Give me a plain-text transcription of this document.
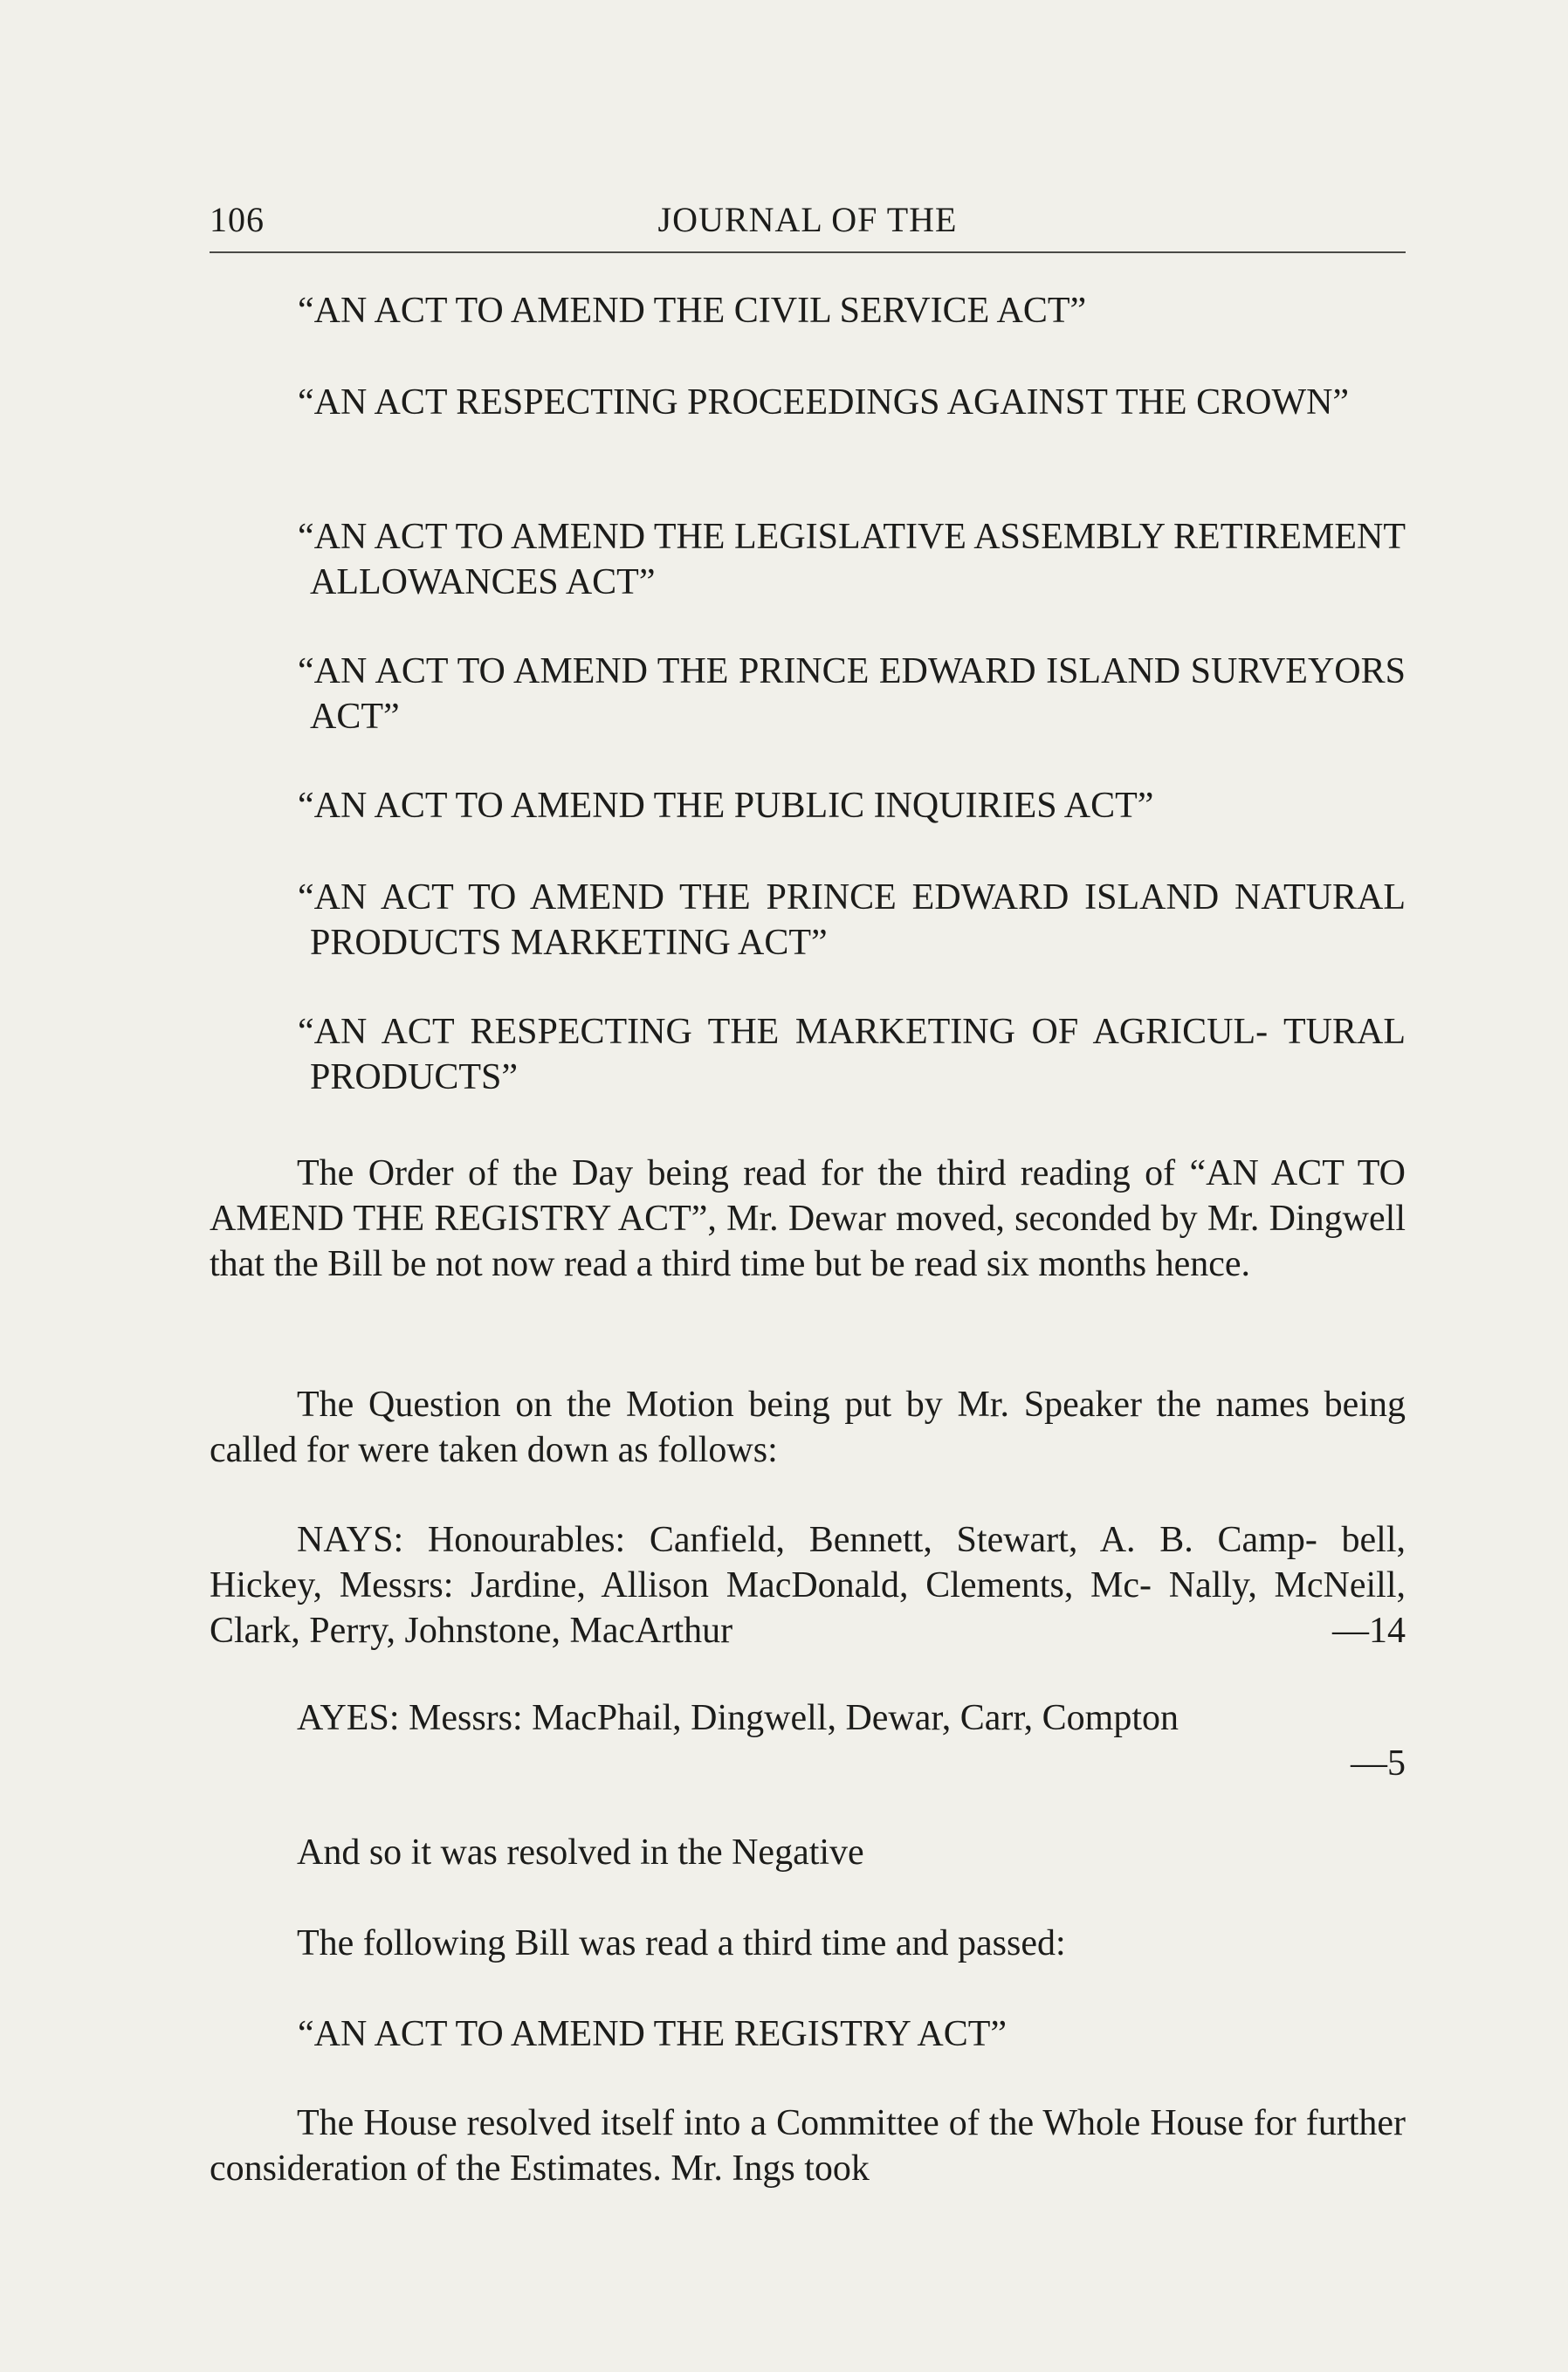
106	JOURNAL OF THE
“AN ACT TO AMEND THE CIVIL SERVICE ACT”
“AN ACT RESPECTING PROCEEDINGS AGAINST THE CROWN”
“AN ACT TO AMEND THE LEGISLATIVE ASSEMBLY RETIREMENT ALLOWANCES ACT”
“AN ACT TO AMEND THE PRINCE EDWARD ISLAND SURVEYORS ACT”
“AN ACT TO AMEND THE PUBLIC INQUIRIES ACT”
“AN ACT TO AMEND THE PRINCE EDWARD ISLAND NATURAL PRODUCTS MARKETING ACT”
“AN ACT RESPECTING THE MARKETING OF AGRICUL- TURAL PRODUCTS”
The Order of the Day being read for the third reading of “AN ACT TO AMEND THE REGISTRY ACT”, Mr. Dewar moved, seconded by Mr. Dingwell that the Bill be not now read a third time but be read six months hence.
The Question on the Motion being put by Mr. Speaker the names being called for were taken down as follows:
NAYS: Honourables: Canfield, Bennett, Stewart, A. B. Camp- bell, Hickey, Messrs: Jardine, Allison MacDonald, Clements, Mc- Nally, McNeill, Clark, Perry, Johnstone, MacArthur	—14
AYES: Messrs: MacPhail, Dingwell, Dewar, Carr, Compton
—5
And so it was resolved in the Negative
The following Bill was read a third time and passed:
“AN ACT TO AMEND THE REGISTRY ACT”
The House resolved itself into a Committee of the Whole House for further consideration of the Estimates. Mr. Ings took
